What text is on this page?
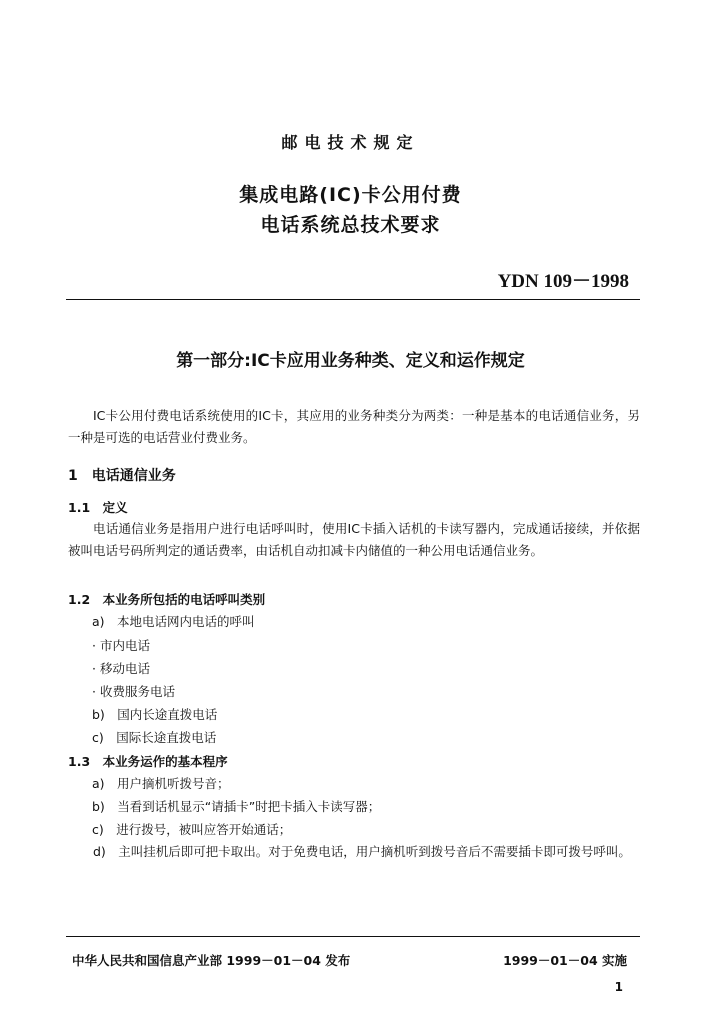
邮电技术规定
集成电路(IC)卡公用付费
电话系统总技术要求
YDN 109－1998
第一部分:IC卡应用业务种类、定义和运作规定
IC卡公用付费电话系统使用的IC卡，其应用的业务种类分为两类：一种是基本的电话通信业务，另一种是可选的电话营业付费业务。
1　电话通信业务
1.1　定义
电话通信业务是指用户进行电话呼叫时，使用IC卡插入话机的卡读写器内，完成通话接续，并依据被叫电话号码所判定的通话费率，由话机自动扣减卡内储值的一种公用电话通信业务。
1.2　本业务所包括的电话呼叫类别
a)　本地电话网内电话的呼叫
· 市内电话
· 移动电话
· 收费服务电话
b)　国内长途直拨电话
c)　国际长途直拨电话
1.3　本业务运作的基本程序
a)　用户摘机听拨号音；
b)　当看到话机显示“请插卡”时把卡插入卡读写器；
c)　进行拨号，被叫应答开始通话；
d)　主叫挂机后即可把卡取出。对于免费电话，用户摘机听到拨号音后不需要插卡即可拨号呼叫。
中华人民共和国信息产业部 1999－01－04 发布	1999－01－04 实施
1
